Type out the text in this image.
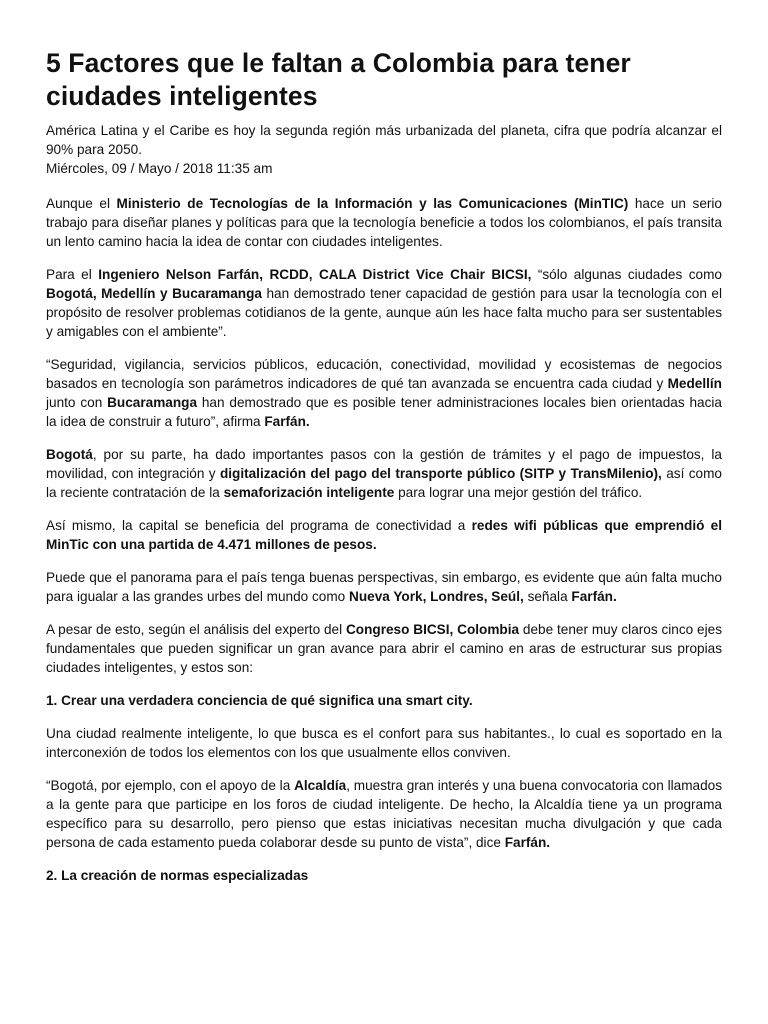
5 Factores que le faltan a Colombia para tener ciudades inteligentes
América Latina y el Caribe es hoy la segunda región más urbanizada del planeta, cifra que podría alcanzar el 90% para 2050.
Miércoles, 09 / Mayo / 2018 11:35 am

Aunque el Ministerio de Tecnologías de la Información y las Comunicaciones (MinTIC) hace un serio trabajo para diseñar planes y políticas para que la tecnología beneficie a todos los colombianos, el país transita un lento camino hacia la idea de contar con ciudades inteligentes.

Para el Ingeniero Nelson Farfán, RCDD, CALA District Vice Chair BICSI, “sólo algunas ciudades como Bogotá, Medellín y Bucaramanga han demostrado tener capacidad de gestión para usar la tecnología con el propósito de resolver problemas cotidianos de la gente, aunque aún les hace falta mucho para ser sustentables y amigables con el ambiente”.

“Seguridad, vigilancia, servicios públicos, educación, conectividad, movilidad y ecosistemas de negocios basados en tecnología son parámetros indicadores de qué tan avanzada se encuentra cada ciudad y Medellín junto con Bucaramanga han demostrado que es posible tener administraciones locales bien orientadas hacia la idea de construir a futuro”, afirma Farfán.

Bogotá, por su parte, ha dado importantes pasos con la gestión de trámites y el pago de impuestos, la movilidad, con integración y digitalización del pago del transporte público (SITP y TransMilenio), así como la reciente contratación de la semaforización inteligente para lograr una mejor gestión del tráfico.

Así mismo, la capital se beneficia del programa de conectividad a redes wifi públicas que emprendió el MinTic con una partida de 4.471 millones de pesos.

Puede que el panorama para el país tenga buenas perspectivas, sin embargo, es evidente que aún falta mucho para igualar a las grandes urbes del mundo como Nueva York, Londres, Seúl, señala Farfán.

A pesar de esto, según el análisis del experto del Congreso BICSI, Colombia debe tener muy claros cinco ejes fundamentales que pueden significar un gran avance para abrir el camino en aras de estructurar sus propias ciudades inteligentes, y estos son:

1. Crear una verdadera conciencia de qué significa una smart city.

Una ciudad realmente inteligente, lo que busca es el confort para sus habitantes., lo cual es soportado en la interconexión de todos los elementos con los que usualmente ellos conviven.

“Bogotá, por ejemplo, con el apoyo de la Alcaldía, muestra gran interés y una buena convocatoria con llamados a la gente para que participe en los foros de ciudad inteligente. De hecho, la Alcaldía tiene ya un programa específico para su desarrollo, pero pienso que estas iniciativas necesitan mucha divulgación y que cada persona de cada estamento pueda colaborar desde su punto de vista”, dice Farfán.

2. La creación de normas especializadas
